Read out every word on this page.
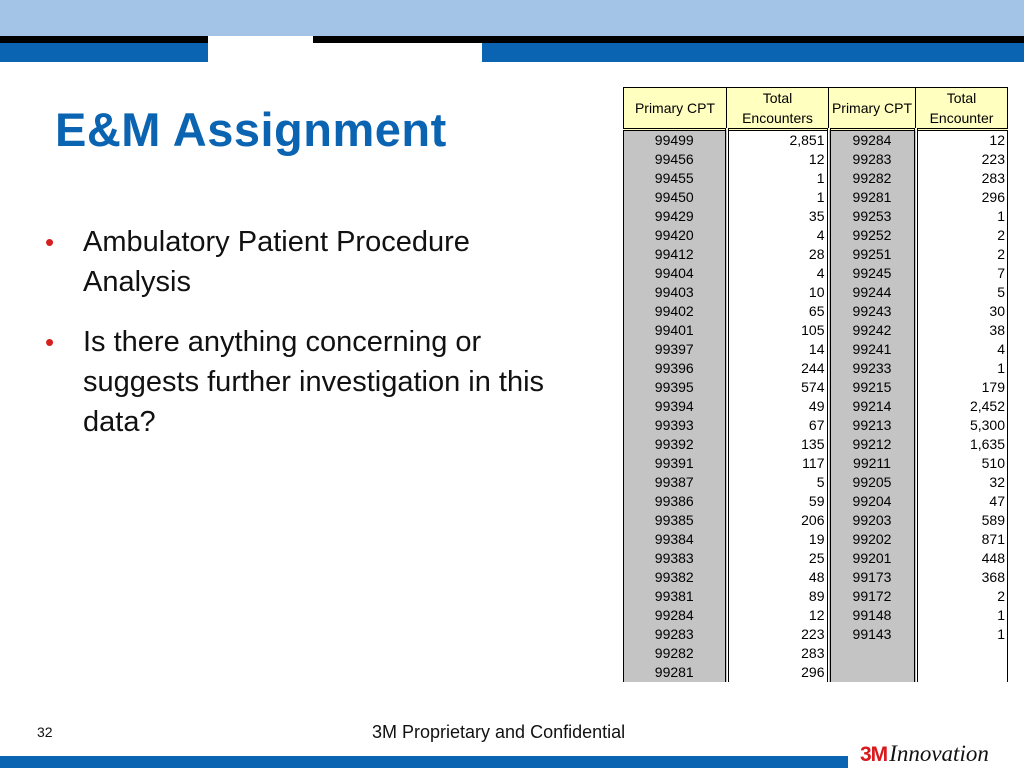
E&M Assignment
• Ambulatory Patient Procedure Analysis
• Is there anything concerning or suggests further investigation in this data?
Primary CPT	Total Encounters	Primary CPT	Total Encounter
99499	2,851	99284	12
99456	12	99283	223
99455	1	99282	283
99450	1	99281	296
99429	35	99253	1
99420	4	99252	2
99412	28	99251	2
99404	4	99245	7
99403	10	99244	5
99402	65	99243	30
99401	105	99242	38
99397	14	99241	4
99396	244	99233	1
99395	574	99215	179
99394	49	99214	2,452
99393	67	99213	5,300
99392	135	99212	1,635
99391	117	99211	510
99387	5	99205	32
99386	59	99204	47
99385	206	99203	589
99384	19	99202	871
99383	25	99201	448
99382	48	99173	368
99381	89	99172	2
99284	12	99148	1
99283	223	99143	1
99282	283		
99281	296		
32	3M Proprietary and Confidential
3MInnovation
